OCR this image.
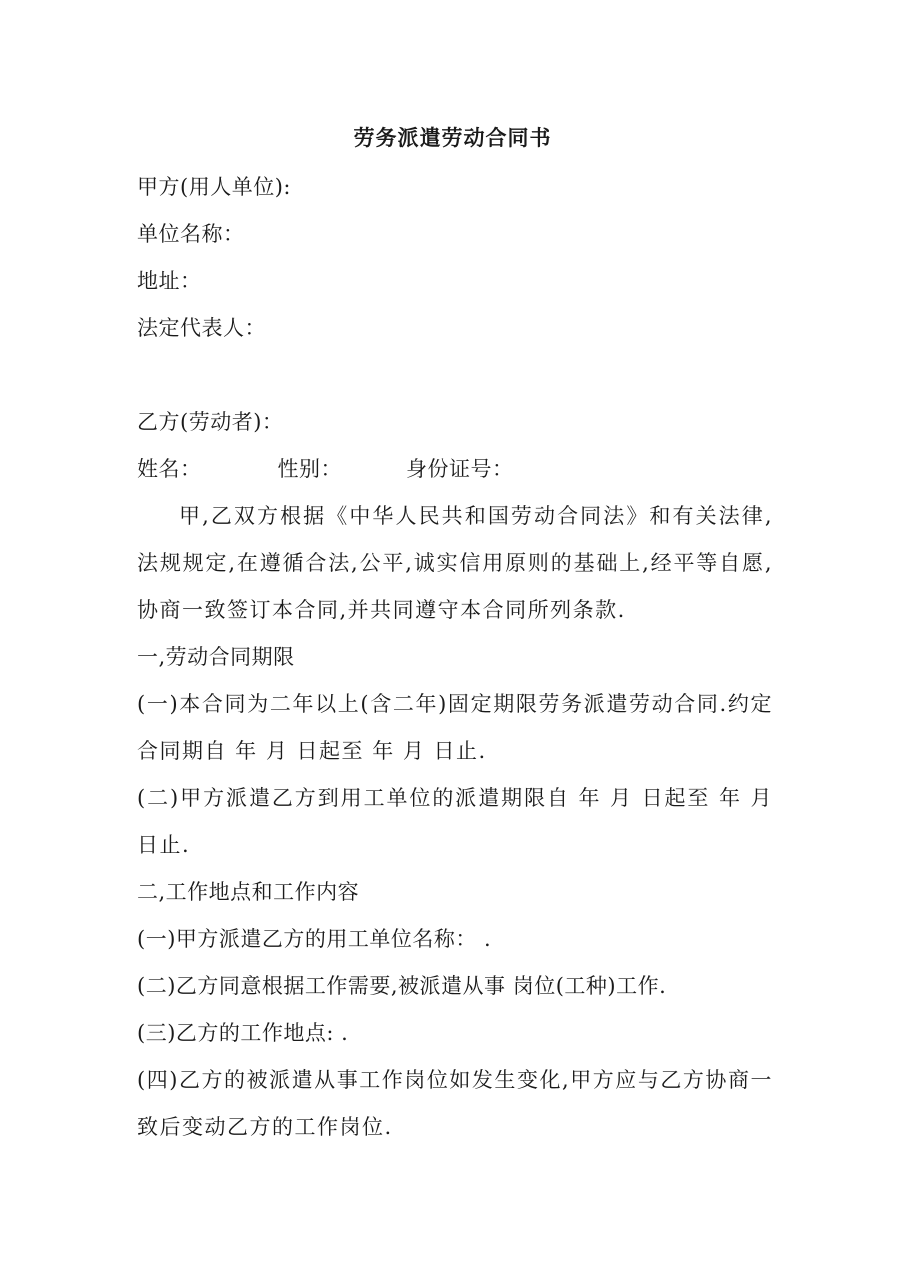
劳务派遣劳动合同书
甲方(用人单位):
单位名称：
地址：
法定代表人：
乙方(劳动者)：
姓名：	性别：	身份证号：
甲,乙双方根据《中华人民共和国劳动合同法》和有关法律,法规规定,在遵循合法,公平,诚实信用原则的基础上,经平等自愿,协商一致签订本合同,并共同遵守本合同所列条款.
一,劳动合同期限
(一)本合同为二年以上(含二年)固定期限劳务派遣劳动合同.约定合同期自 年 月 日起至 年 月 日止.
(二)甲方派遣乙方到用工单位的派遣期限自 年 月 日起至 年 月 日止.
二,工作地点和工作内容
(一)甲方派遣乙方的用工单位名称： .
(二)乙方同意根据工作需要,被派遣从事 岗位(工种)工作.
(三)乙方的工作地点: .
(四)乙方的被派遣从事工作岗位如发生变化,甲方应与乙方协商一致后变动乙方的工作岗位.
